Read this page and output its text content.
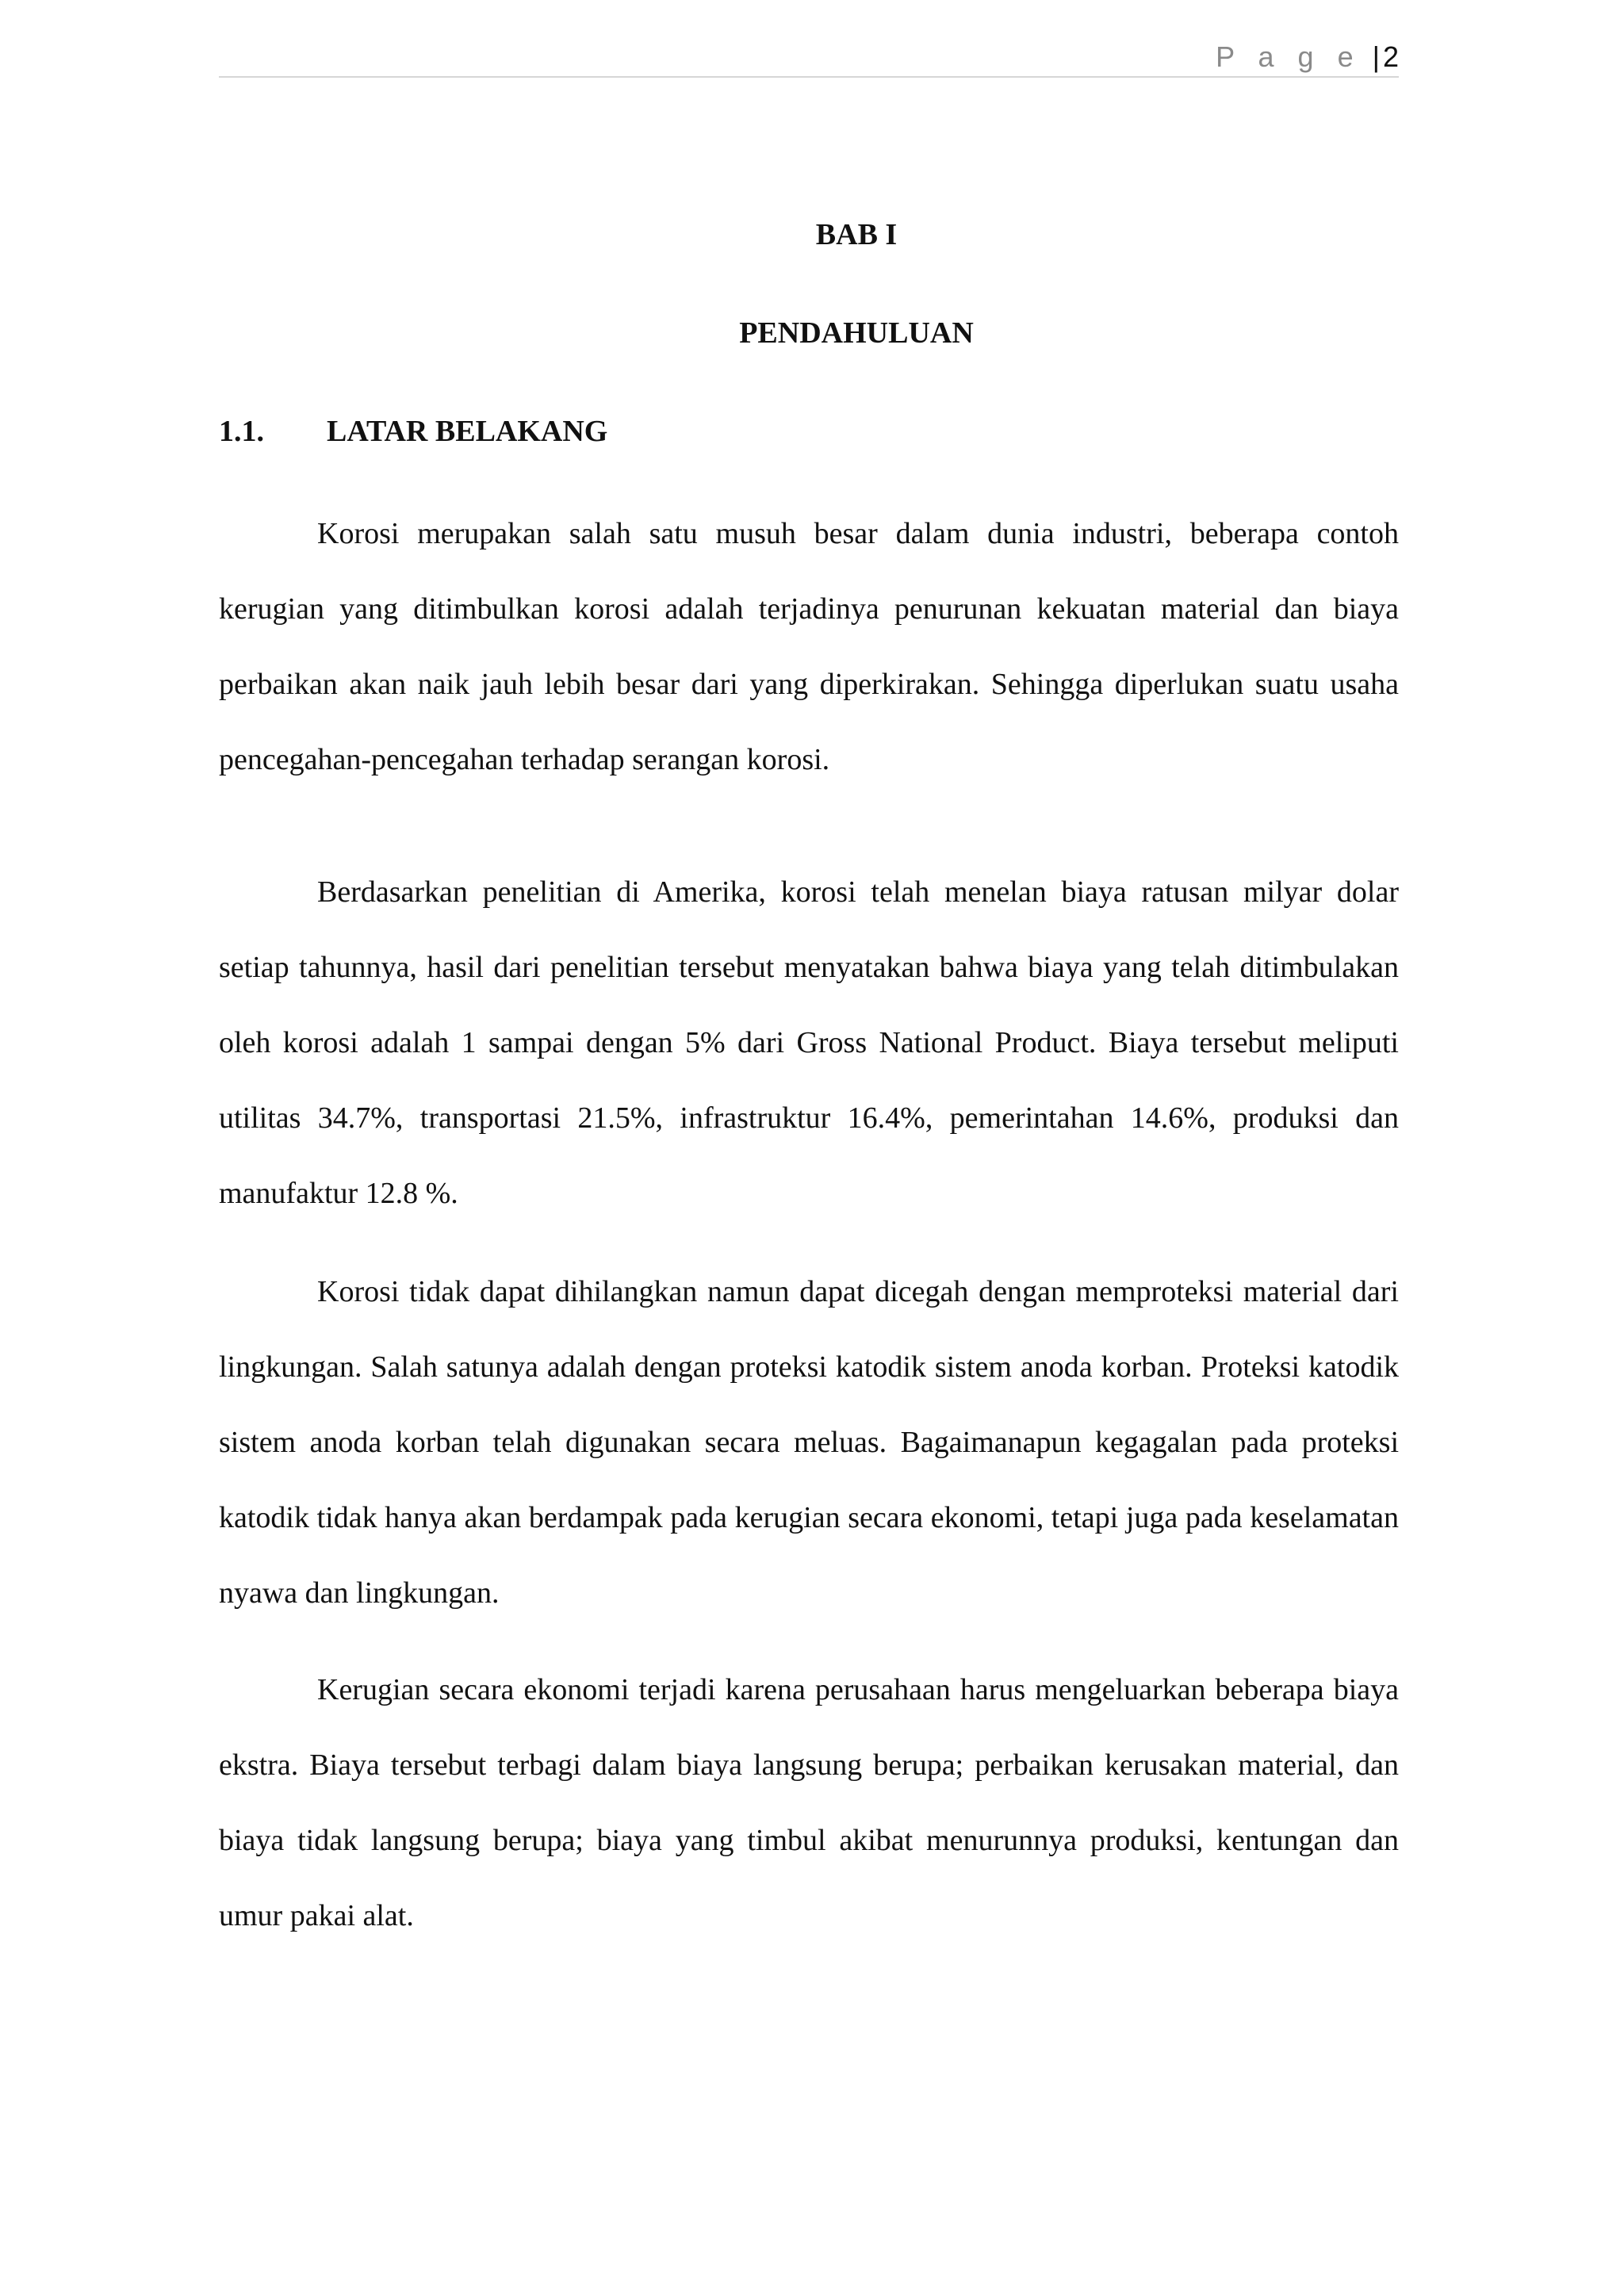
P a g e | 2
BAB I
PENDAHULUAN
1.1. LATAR BELAKANG

Korosi merupakan salah satu musuh besar dalam dunia industri, beberapa contoh kerugian yang ditimbulkan korosi adalah terjadinya penurunan kekuatan material dan biaya perbaikan akan naik jauh lebih besar dari yang diperkirakan. Sehingga diperlukan suatu usaha pencegahan-pencegahan terhadap serangan korosi.

Berdasarkan penelitian di Amerika, korosi telah menelan biaya ratusan milyar dolar setiap tahunnya, hasil dari penelitian tersebut menyatakan bahwa biaya yang telah ditimbulakan oleh korosi adalah 1 sampai dengan 5% dari Gross National Product. Biaya tersebut meliputi utilitas 34.7%, transportasi 21.5%, infrastruktur 16.4%, pemerintahan 14.6%, produksi dan manufaktur 12.8 %.

Korosi tidak dapat dihilangkan namun dapat dicegah dengan memproteksi material dari lingkungan. Salah satunya adalah dengan proteksi katodik sistem anoda korban. Proteksi katodik sistem anoda korban telah digunakan secara meluas. Bagaimanapun kegagalan pada proteksi katodik tidak hanya akan berdampak pada kerugian secara ekonomi, tetapi juga pada keselamatan nyawa dan lingkungan.

Kerugian secara ekonomi terjadi karena perusahaan harus mengeluarkan beberapa biaya ekstra. Biaya tersebut terbagi dalam biaya langsung berupa; perbaikan kerusakan material, dan biaya tidak langsung berupa; biaya yang timbul akibat menurunnya produksi, kentungan dan umur pakai alat.
